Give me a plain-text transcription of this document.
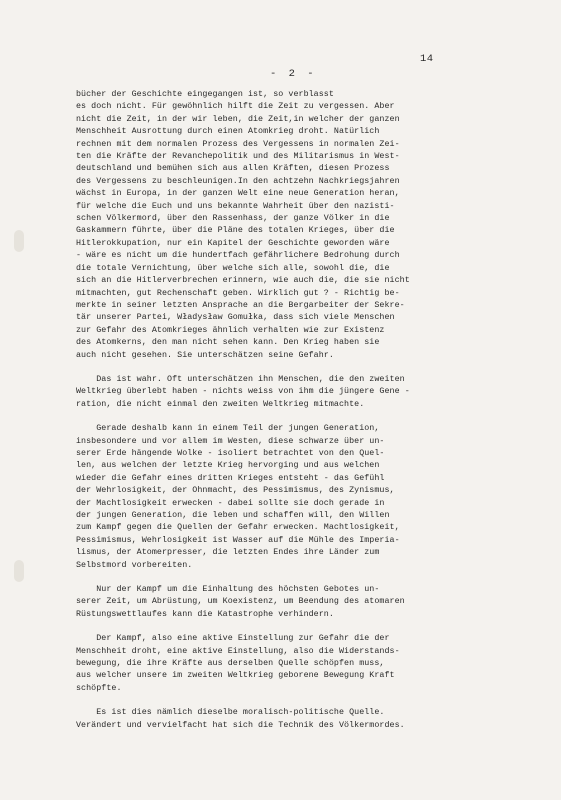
14
- 2 -
bücher der Geschichte eingegangen ist, so verblasst
es doch nicht. Für gewöhnlich hilft die Zeit zu vergessen. Aber
nicht die Zeit, in der wir leben, die Zeit,in welcher der ganzen
Menschheit Ausrottung durch einen Atomkrieg droht. Natürlich
rechnen mit dem normalen Prozess des Vergessens in normalen Zei-
ten die Kräfte der Revanchepolitik und des Militarismus in West-
deutschland und bemühen sich aus allen Kräften, diesen Prozess
des Vergessens zu beschleunigen.In den achtzehn Nachkriegsjahren
wächst in Europa, in der ganzen Welt eine neue Generation heran,
für welche die Euch und uns bekannte Wahrheit über den nazisti-
schen Völkermord, über den Rassenhass, der ganze Völker in die
Gaskammern führte, über die Pläne des totalen Krieges, über die
Hitlerokkupation, nur ein Kapitel der Geschichte geworden wäre
- wäre es nicht um die hundertfach gefährlichere Bedrohung durch
die totale Vernichtung, über welche sich alle, sowohl die, die
sich an die Hitlerverbrechen erinnern, wie auch die, die sie nicht
mitmachten, gut Rechenschaft geben. Wirklich gut ? - Richtig be-
merkte in seiner letzten Ansprache an die Bergarbeiter der Sekre-
tär unserer Partei, Władysław Gomułka, dass sich viele Menschen
zur Gefahr des Atomkrieges ähnlich verhalten wie zur Existenz
des Atomkerns, den man nicht sehen kann. Den Krieg haben sie
auch nicht gesehen. Sie unterschätzen seine Gefahr.
Das ist wahr. Oft unterschätzen ihn Menschen, die den zweiten
Weltkrieg überlebt haben - nichts weiss von ihm die jüngere Gene -
ration, die nicht einmal den zweiten Weltkrieg mitmachte.
Gerade deshalb kann in einem Teil der jungen Generation,
insbesondere und vor allem im Westen, diese schwarze über un-
serer Erde hängende Wolke - isoliert betrachtet von den Quel-
len, aus welchen der letzte Krieg hervorging und aus welchen
wieder die Gefahr eines dritten Krieges entsteht - das Gefühl
der Wehrlosigkeit, der Ohnmacht, des Pessimismus, des Zynismus,
der Machtlosigkeit erwecken - dabei sollte sie doch gerade in
der jungen Generation, die leben und schaffen will, den Willen
zum Kampf gegen die Quellen der Gefahr erwecken. Machtlosigkeit,
Pessimismus, Wehrlosigkeit ist Wasser auf die Mühle des Imperia-
lismus, der Atomerpresser, die letzten Endes ihre Länder zum
Selbstmord vorbereiten.
Nur der Kampf um die Einhaltung des höchsten Gebotes un-
serer Zeit, um Abrüstung, um Koexistenz, um Beendung des atomaren
Rüstungswettlaufes kann die Katastrophe verhindern.
Der Kampf, also eine aktive Einstellung zur Gefahr die der
Menschheit droht, eine aktive Einstellung, also die Widerstands-
bewegung, die ihre Kräfte aus derselben Quelle schöpfen muss,
aus welcher unsere im zweiten Weltkrieg geborene Bewegung Kraft
schöpfte.
Es ist dies nämlich dieselbe moralisch-politische Quelle.
Verändert und vervielfacht hat sich die Technik des Völkermordes.
